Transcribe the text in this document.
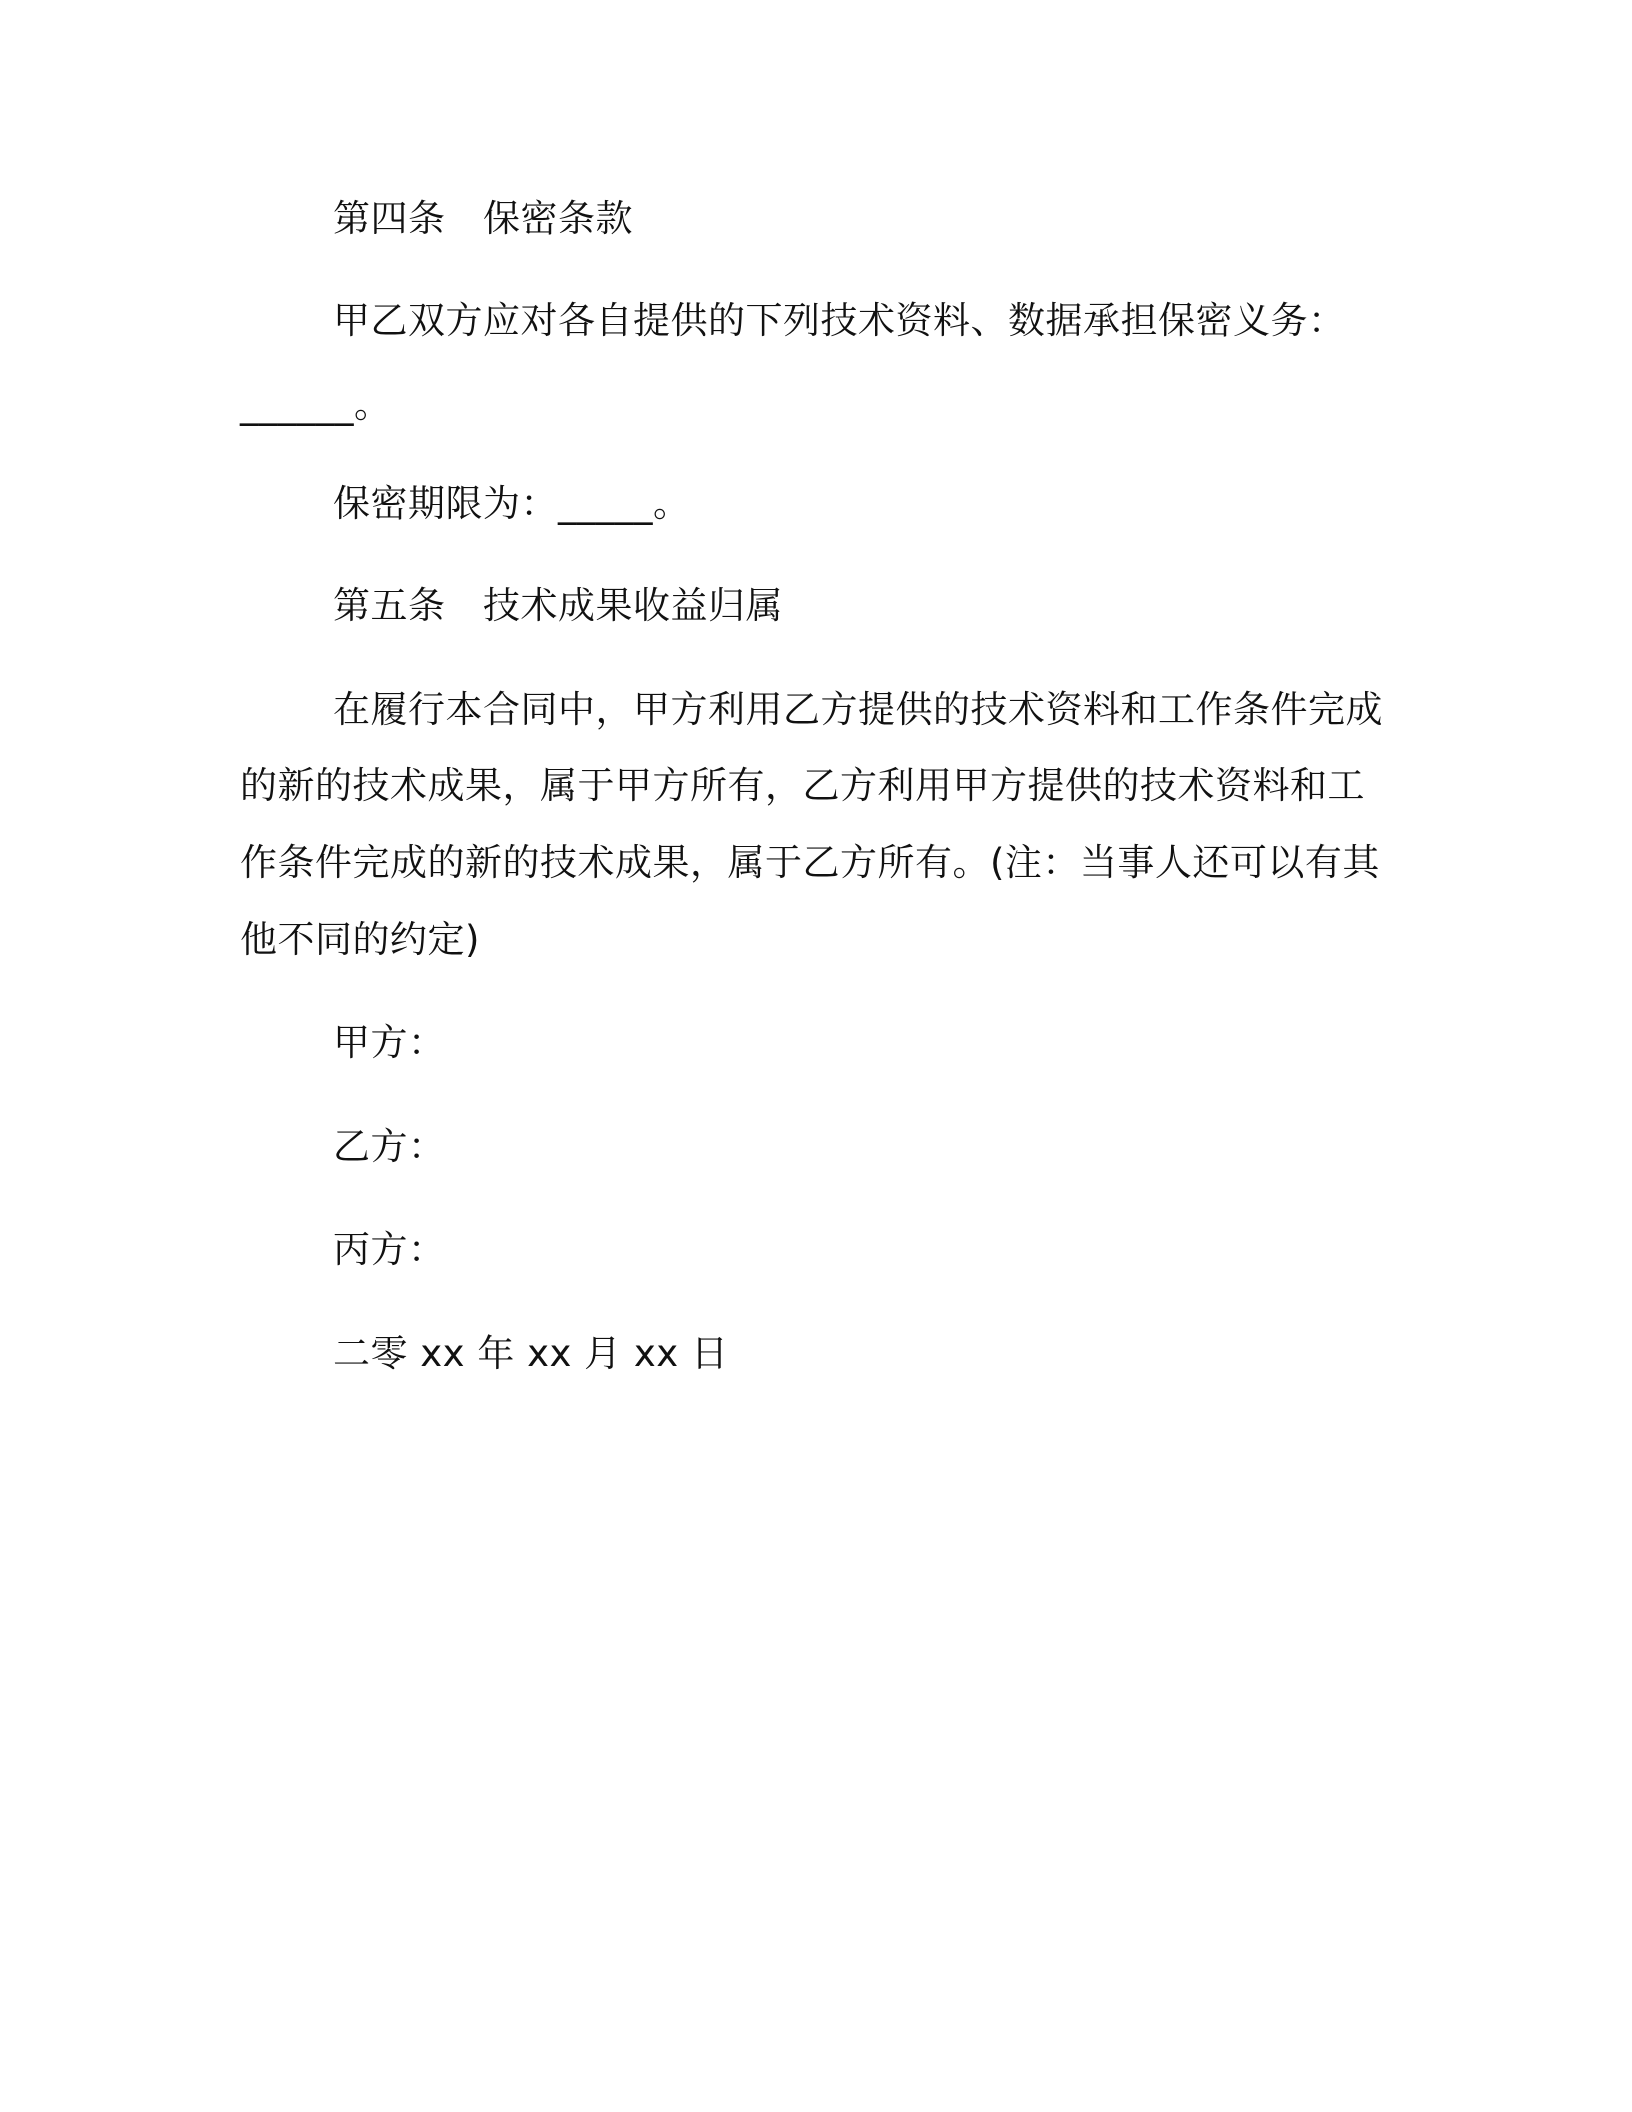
第四条　保密条款
甲乙双方应对各自提供的下列技术资料、数据承担保密义务：
______。
保密期限为：_____。
第五条　技术成果收益归属
在履行本合同中，甲方利用乙方提供的技术资料和工作条件完成
的新的技术成果，属于甲方所有，乙方利用甲方提供的技术资料和工
作条件完成的新的技术成果，属于乙方所有。(注：当事人还可以有其
他不同的约定)
甲方：
乙方：
丙方：
二零 xx 年 xx 月 xx 日
